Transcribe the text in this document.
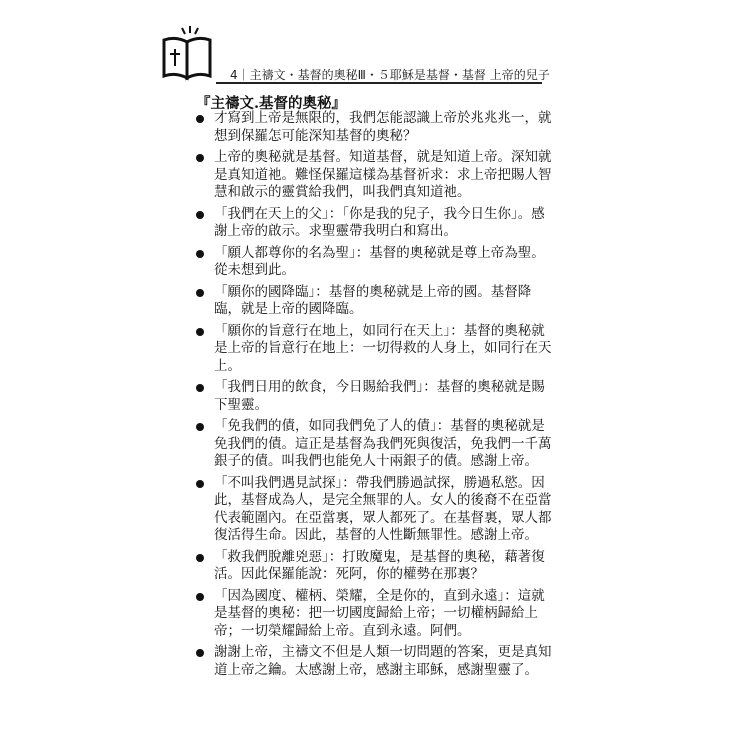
4｜主禱文・基督的奧秘Ⅲ・５耶穌是基督・基督 上帝的兒子
『主禱文.基督的奧秘』
才寫到上帝是無限的，我們怎能認識上帝於兆兆兆一，就想到保羅怎可能深知基督的奧秘？
上帝的奧秘就是基督。知道基督，就是知道上帝。深知就是真知道祂。難怪保羅這樣為基督祈求：求上帝把賜人智慧和啟示的靈賞給我們，叫我們真知道祂。
「我們在天上的父」：「你是我的兒子，我今日生你」。感謝上帝的啟示。求聖靈帶我明白和寫出。
「願人都尊你的名為聖」：基督的奧秘就是尊上帝為聖。從未想到此。
「願你的國降臨」：基督的奧秘就是上帝的國。基督降臨，就是上帝的國降臨。
「願你的旨意行在地上，如同行在天上」：基督的奧秘就是上帝的旨意行在地上：一切得救的人身上，如同行在天上。
「我們日用的飲食，今日賜給我們」：基督的奧秘就是賜下聖靈。
「免我們的債，如同我們免了人的債」：基督的奧秘就是免我們的債。這正是基督為我們死與復活，免我們一千萬銀子的債。叫我們也能免人十兩銀子的債。感謝上帝。
「不叫我們遇見試探」：帶我們勝過試探，勝過私慾。因此，基督成為人，是完全無罪的人。女人的後裔不在亞當代表範圍內。在亞當裏，眾人都死了。在基督裏，眾人都復活得生命。因此，基督的人性斷無罪性。感謝上帝。
「救我們脫離兇惡」：打敗魔鬼，是基督的奧秘，藉著復活。因此保羅能說：死阿，你的權勢在那裏？
「因為國度、權柄、榮耀，全是你的，直到永遠」：這就是基督的奧秘：把一切國度歸給上帝；一切權柄歸給上帝；一切榮耀歸給上帝。直到永遠。阿們。
謝謝上帝，主禱文不但是人類一切問題的答案，更是真知道上帝之鑰。太感謝上帝，感謝主耶穌，感謝聖靈了。
